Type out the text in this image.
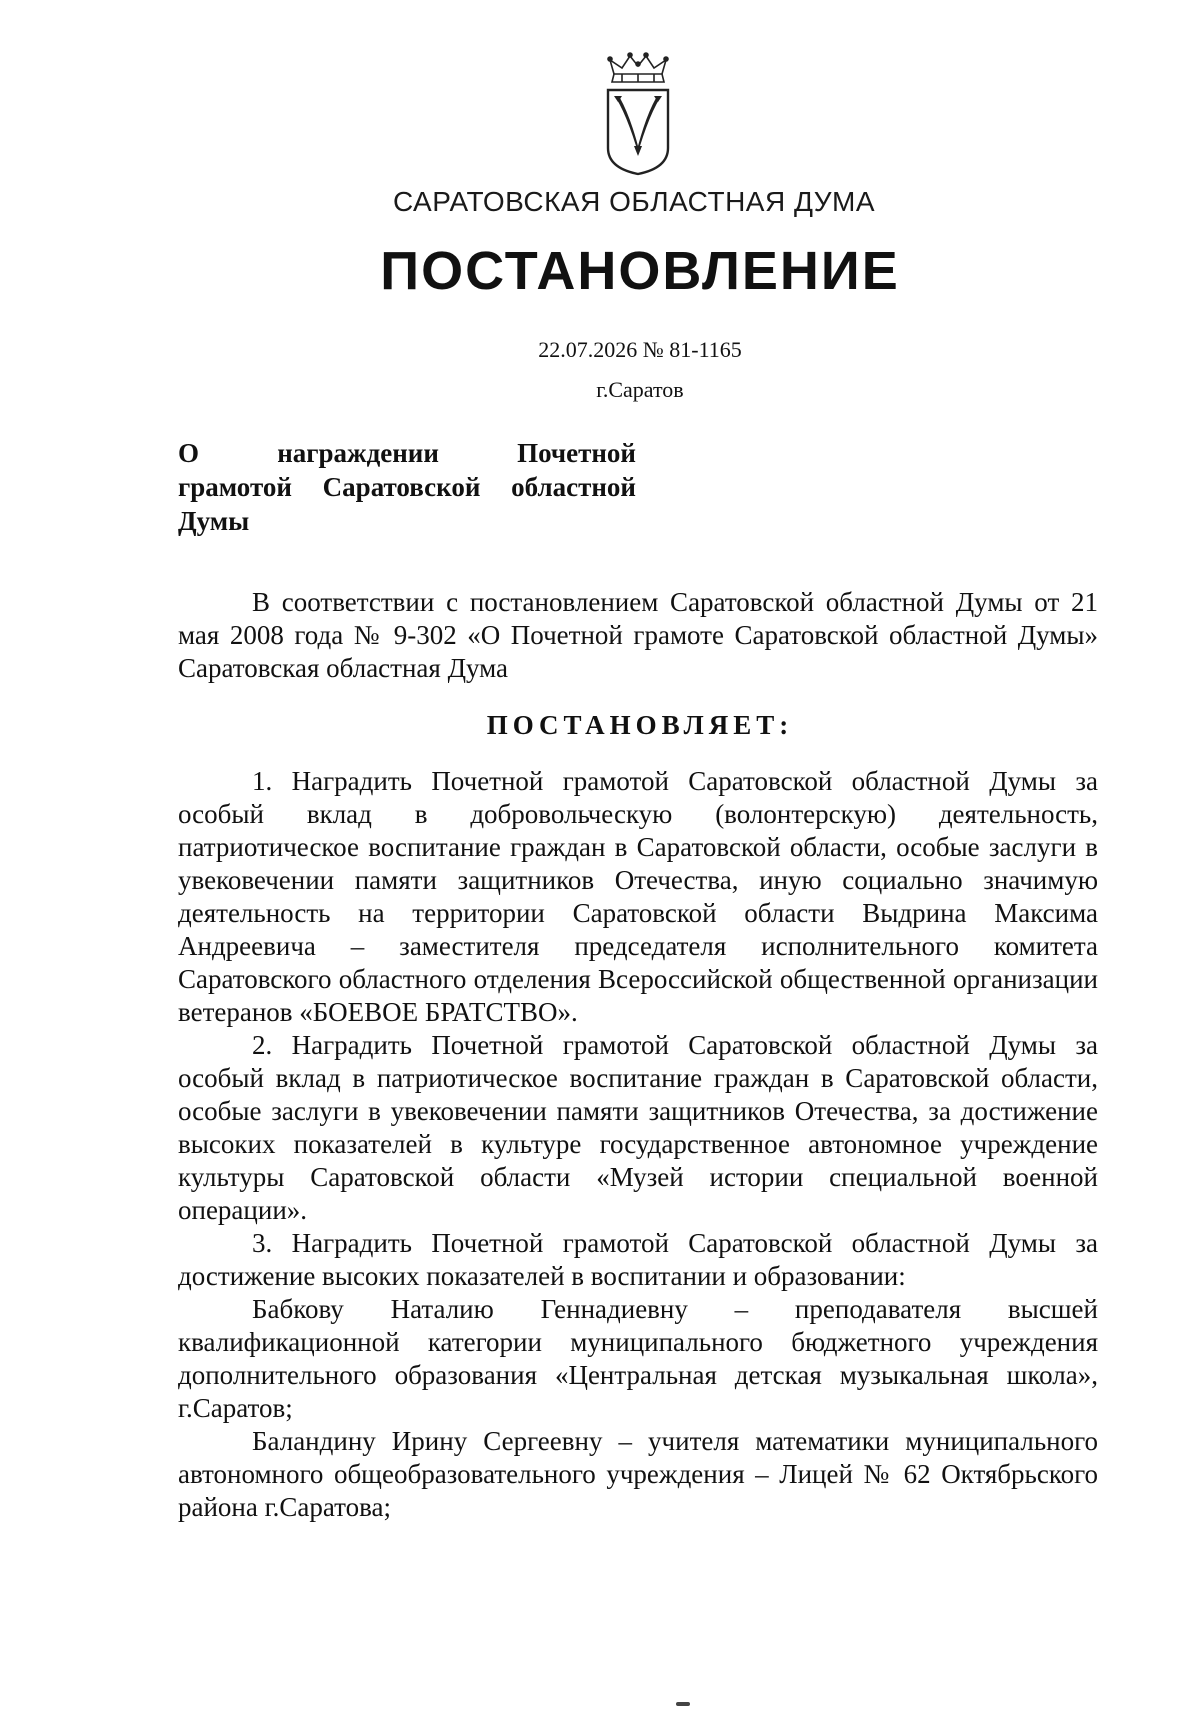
САРАТОВСКАЯ ОБЛАСТНАЯ ДУМА
ПОСТАНОВЛЕНИЕ
22.07.2026 № 81-1165
г.Саратов
О награждении Почетной
грамотой Саратовской областной
Думы

В соответствии с постановлением Саратовской областной Думы от 21 мая 2008 года № 9-302 «О Почетной грамоте Саратовской областной Думы» Саратовская областная Дума

ПОСТАНОВЛЯЕТ:

1. Наградить Почетной грамотой Саратовской областной Думы за особый вклад в добровольческую (волонтерскую) деятельность, патриотическое воспитание граждан в Саратовской области, особые заслуги в увековечении памяти защитников Отечества, иную социально значимую деятельность на территории Саратовской области Выдрина Максима Андреевича – заместителя председателя исполнительного комитета Саратовского областного отделения Всероссийской общественной организации ветеранов «БОЕВОЕ БРАТСТВО».

2. Наградить Почетной грамотой Саратовской областной Думы за особый вклад в патриотическое воспитание граждан в Саратовской области, особые заслуги в увековечении памяти защитников Отечества, за достижение высоких показателей в культуре государственное автономное учреждение культуры Саратовской области «Музей истории специальной военной операции».

3. Наградить Почетной грамотой Саратовской областной Думы за достижение высоких показателей в воспитании и образовании:

Бабкову Наталию Геннадиевну – преподавателя высшей квалификационной категории муниципального бюджетного учреждения дополнительного образования «Центральная детская музыкальная школа», г.Саратов;

Баландину Ирину Сергеевну – учителя математики муниципального автономного общеобразовательного учреждения – Лицей № 62 Октябрьского района г.Саратова;
